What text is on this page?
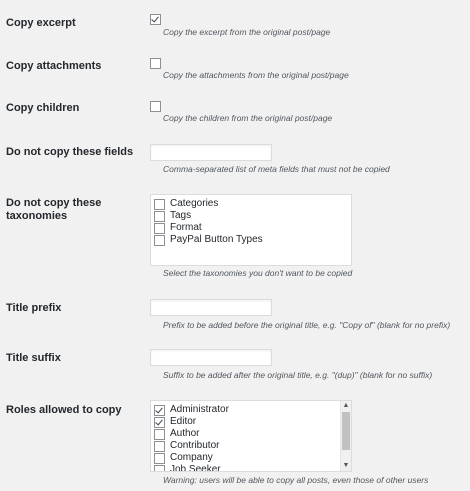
Copy excerpt
Copy the excerpt from the original post/page
Copy attachments
Copy the attachments from the original post/page
Copy children
Copy the children from the original post/page
Do not copy these fields
Comma-separated list of meta fields that must not be copied
Do not copy these
taxonomies
Categories
Tags
Format
PayPal Button Types
Select the taxonomies you don't want to be copied
Title prefix
Prefix to be added before the original title, e.g. "Copy of" (blank for no prefix)
Title suffix
Suffix to be added after the original title, e.g. "(dup)" (blank for no suffix)
Roles allowed to copy	Administrator
Editor
Author
Contributor
Company
Job Seeker
▲
▼
Warning: users will be able to copy all posts, even those of other users
